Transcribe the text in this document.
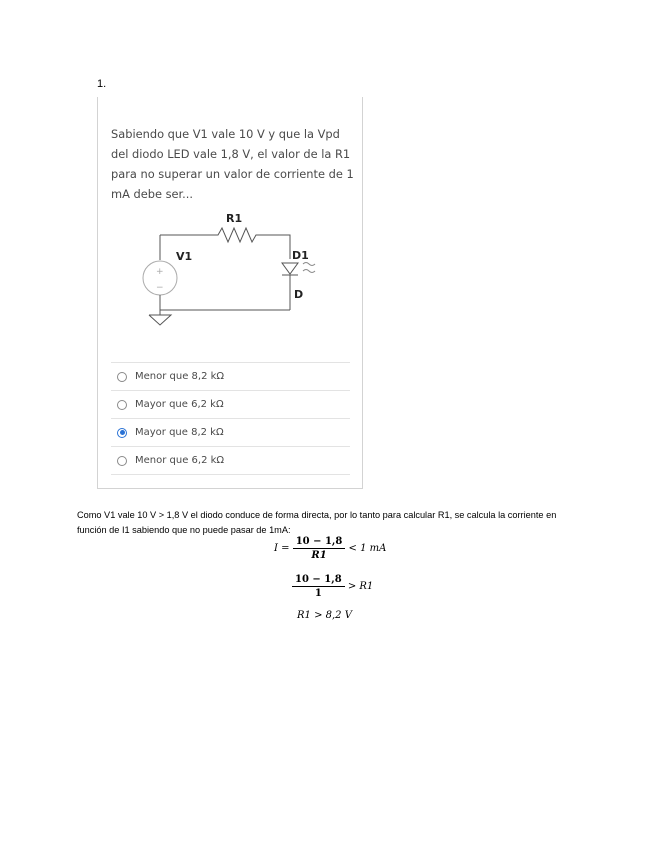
1.

Sabiendo que V1 vale 10 V y que la Vpd del diodo LED vale 1,8 V, el valor de la R1 para no superar un valor de corriente de 1 mA debe ser...

R1
V1	D1
D
+
−
Menor que 8,2 kΩ
Mayor que 6,2 kΩ
Mayor que 8,2 kΩ
Menor que 6,2 kΩ

Como V1 vale 10 V > 1,8 V el diodo conduce de forma directa, por lo tanto para calcular R1, se calcula la corriente en función de I1 sabiendo que no puede pasar de 1mA:

$I = \frac{10 - 1,8}{R1} < 1$ mA
$\frac{10 - 1,8}{1} > R1$
R1 > 8,2 V
